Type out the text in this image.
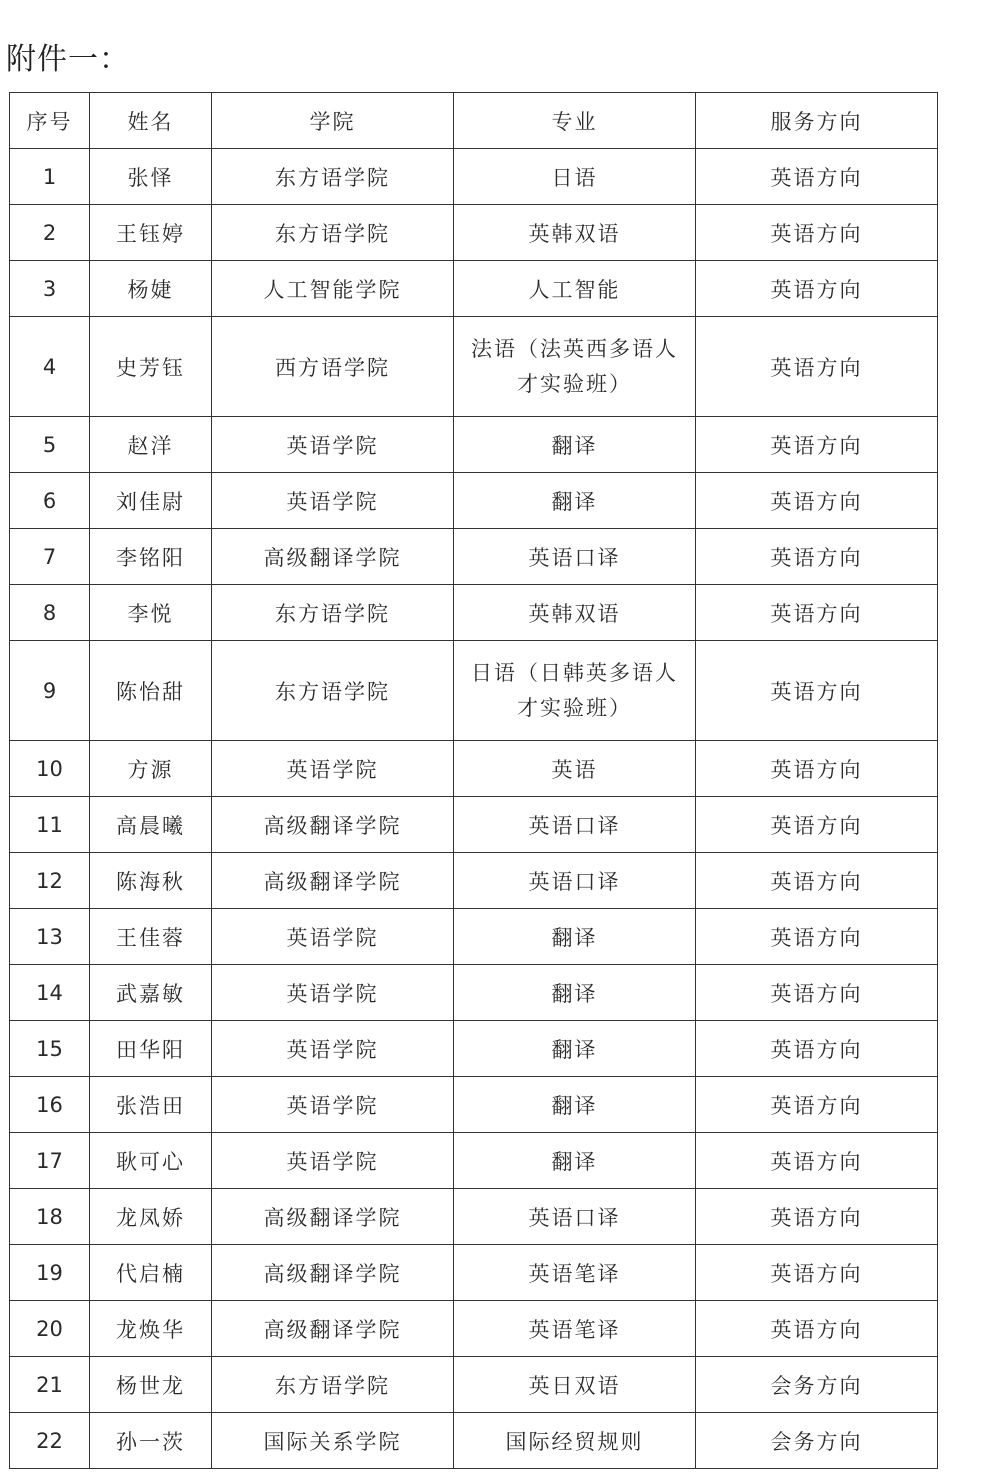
附件一：
序号	姓名	学院	专业	服务方向
1	张怿	东方语学院	日语	英语方向
2	王钰婷	东方语学院	英韩双语	英语方向
3	杨婕	人工智能学院	人工智能	英语方向
4	史芳钰	西方语学院	法语（法英西多语人才实验班）	英语方向
5	赵洋	英语学院	翻译	英语方向
6	刘佳尉	英语学院	翻译	英语方向
7	李铭阳	高级翻译学院	英语口译	英语方向
8	李悦	东方语学院	英韩双语	英语方向
9	陈怡甜	东方语学院	日语（日韩英多语人才实验班）	英语方向
10	方源	英语学院	英语	英语方向
11	高晨曦	高级翻译学院	英语口译	英语方向
12	陈海秋	高级翻译学院	英语口译	英语方向
13	王佳蓉	英语学院	翻译	英语方向
14	武嘉敏	英语学院	翻译	英语方向
15	田华阳	英语学院	翻译	英语方向
16	张浩田	英语学院	翻译	英语方向
17	耿可心	英语学院	翻译	英语方向
18	龙凤娇	高级翻译学院	英语口译	英语方向
19	代启楠	高级翻译学院	英语笔译	英语方向
20	龙焕华	高级翻译学院	英语笔译	英语方向
21	杨世龙	东方语学院	英日双语	会务方向
22	孙一茨	国际关系学院	国际经贸规则	会务方向
